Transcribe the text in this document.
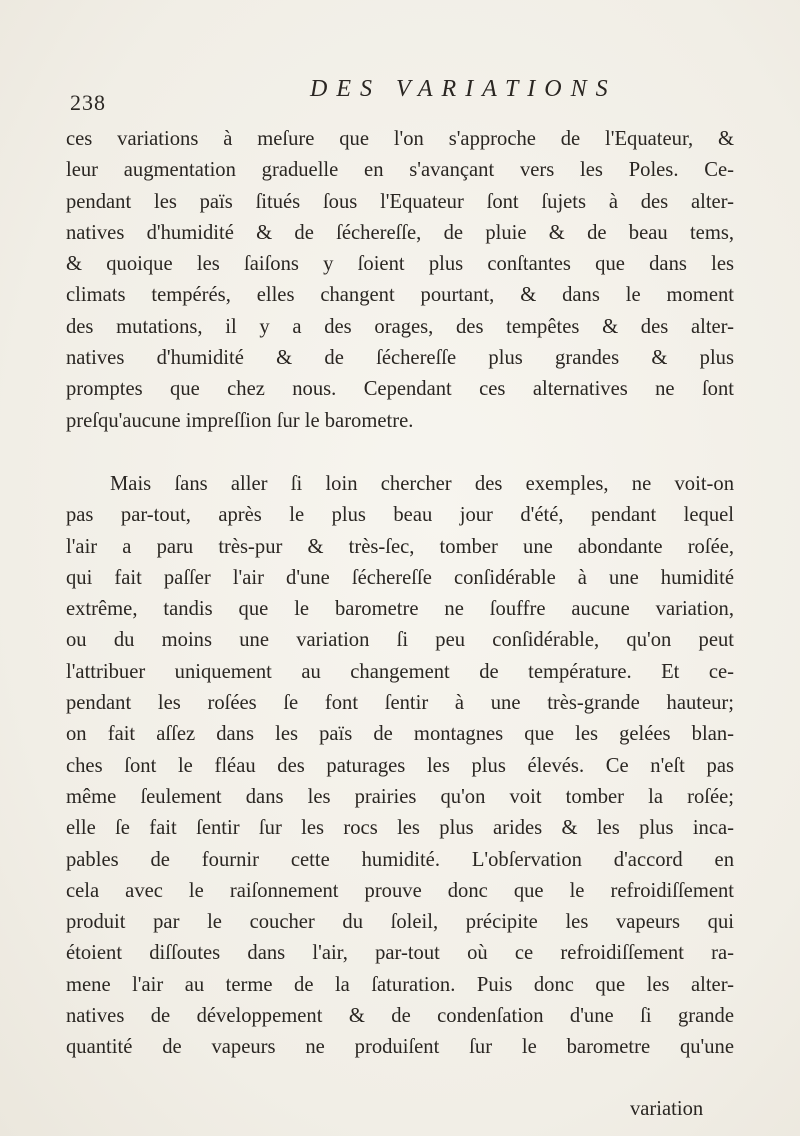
238
DES VARIATIONS
ces variations à meſure que l'on s'approche de l'Equateur, &
leur augmentation graduelle en s'avançant vers les Poles. Ce-
pendant les païs ſitués ſous l'Equateur ſont ſujets à des alter-
natives d'humidité & de ſéchereſſe, de pluie & de beau tems,
& quoique les ſaiſons y ſoient plus conſtantes que dans les
climats tempérés, elles changent pourtant, & dans le moment
des mutations, il y a des orages, des tempêtes & des alter-
natives d'humidité & de ſéchereſſe plus grandes & plus
promptes que chez nous. Cependant ces alternatives ne ſont
preſqu'aucune impreſſion ſur le barometre.
Mais ſans aller ſi loin chercher des exemples, ne voit-on
pas par-tout, après le plus beau jour d'été, pendant lequel
l'air a paru très-pur & très-ſec, tomber une abondante roſée,
qui fait paſſer l'air d'une ſéchereſſe conſidérable à une humidité
extrême, tandis que le barometre ne ſouffre aucune variation,
ou du moins une variation ſi peu conſidérable, qu'on peut
l'attribuer uniquement au changement de température. Et ce-
pendant les roſées ſe font ſentir à une très-grande hauteur;
on fait aſſez dans les païs de montagnes que les gelées blan-
ches ſont le fléau des paturages les plus élevés. Ce n'eſt pas
même ſeulement dans les prairies qu'on voit tomber la roſée;
elle ſe fait ſentir ſur les rocs les plus arides & les plus inca-
pables de fournir cette humidité. L'obſervation d'accord en
cela avec le raiſonnement prouve donc que le refroidiſſement
produit par le coucher du ſoleil, précipite les vapeurs qui
étoient diſſoutes dans l'air, par-tout où ce refroidiſſement ra-
mene l'air au terme de la ſaturation. Puis donc que les alter-
natives de développement & de condenſation d'une ſi grande
quantité de vapeurs ne produiſent ſur le barometre qu'une
variation
